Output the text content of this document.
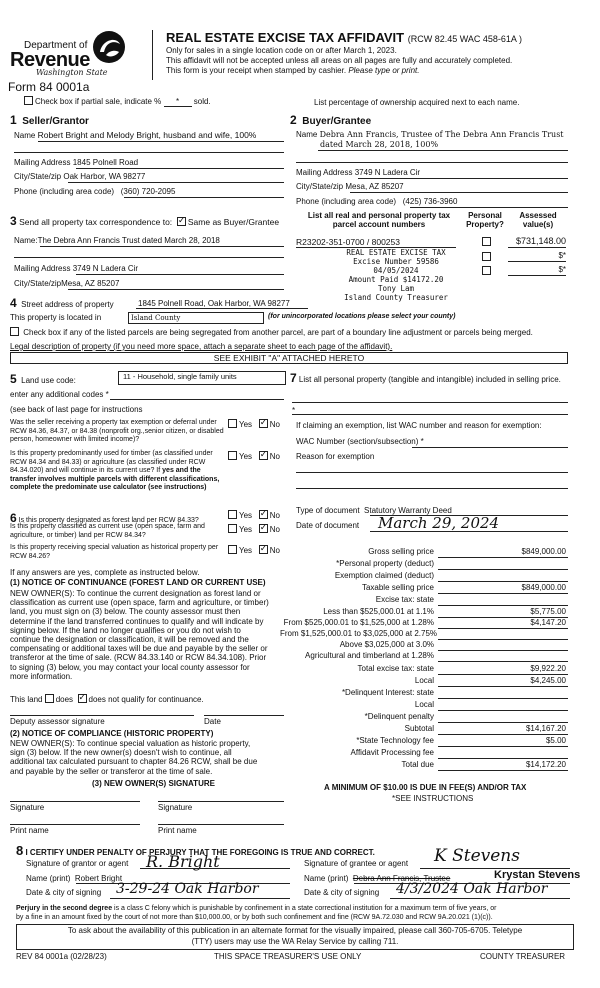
Department of
Revenue
Washington State
Form 84 0001a
REAL ESTATE EXCISE TAX AFFIDAVIT (RCW 82.45 WAC 458-61A )
Only for sales in a single location code on or after March 1, 2023.
This affidavit will not be accepted unless all areas on all pages are fully and accurately completed.
This form is your receipt when stamped by cashier. Please type or print.
Check box if partial sale, indicate % * sold.	List percentage of ownership acquired next to each name.
1 Seller/Grantor
Name Robert Bright and Melody Bright, husband and wife, 100%
Mailing Address 1845 Polnell Road
City/State/zip Oak Harbor, WA 98277
Phone (including area code) (360) 720-2095
2 Buyer/Grantee
Name Debra Ann Francis, Trustee of The Debra Ann Francis Trust
dated March 28, 2018, 100%
Mailing Address 3749 N Ladera Cir
City/State/zip Mesa, AZ 85207
Phone (including area code) (425) 736-3960
3 Send all property tax correspondence to: ✓ Same as Buyer/Grantee
Name:The Debra Ann Francis Trust dated March 28, 2018
Mailing Address 3749 N Ladera Cir
City/State/zipMesa, AZ 85207
List all real and personal property tax
parcel account numbers
Personal
Property?
Assessed
value(s)
R23202-351-0700 / 800253	$731,148.00
$*
$*
REAL ESTATE EXCISE TAX
Excise Number 59586
04/05/2024
Amount Paid $14172.20
Tony Lam
Island County Treasurer
4 Street address of property	1845 Polnell Road, Oak Harbor, WA 98277
This property is located in	Island County	(for unincorporated locations please select your county)
Check box if any of the listed parcels are being segregated from another parcel, are part of a boundary line adjustment or parcels being merged.
Legal description of property (if you need more space, attach a separate sheet to each page of the affidavit).
SEE EXHIBIT "A" ATTACHED HERETO
5 Land use code:	11 - Household, single family units
enter any additional codes *
(see back of last page for instructions
Was the seller receiving a property tax exemption or deferral under RCW 84.36, 84.37, or 84.38 (nonprofit org.,senior citizen, or disabled person, homeowner with limited income)?
Yes ✓ No
Is this property predominantly used for timber (as classified under RCW 84.34 and 84.33) or agriculture (as classified under RCW 84.34.020) and will continue in its current use? If yes and the transfer involves multiple parcels with different classifications, complete the predominate use calculator (see instructions)
Yes ✓ No
7 List all personal property (tangible and intangible) included in selling price.
*
If claiming an exemption, list WAC number and reason for exemption:
WAC Number (section/subsection) *
Reason for exemption
6 Is this property designated as forest land per RCW 84.33?
Yes ✓ No
Is this property classified as current use (open space, farm and agriculture, or timber) land per RCW 84.34?
Yes ✓ No
Is this property receiving special valuation as historical property per RCW 84.26?
Yes ✓ No
If any answers are yes, complete as instructed below.
(1) NOTICE OF CONTINUANCE (FOREST LAND OR CURRENT USE)
NEW OWNER(S): To continue the current designation as forest land or
classification as current use (open space, farm and agriculture, or timber)
land, you must sign on (3) below. The county assessor must then
determine if the land transferred continues to qualify and will indicate by
signing below. If the land no longer qualifies or you do not wish to
continue the designation or classification, it will be removed and the
compensating or additional taxes will be due and payable by the seller or
transferor at the time of sale. (RCW 84.33.140 or RCW 84.34.108). Prior
to signing (3) below, you may contact your local county assessor for
more information.
This land does ✓ does not qualify for continuance.
Deputy assessor signature	Date
(2) NOTICE OF COMPLIANCE (HISTORIC PROPERTY)
NEW OWNER(S): To continue special valuation as historic property,
sign (3) below. If the new owner(s) doesn't wish to continue, all
additional tax calculated pursuant to chapter 84.26 RCW, shall be due
and payable by the seller or transferor at the time of sale.
(3) NEW OWNER(S) SIGNATURE
Signature	Signature
Print name	Print name
Type of document Statutory Warranty Deed
Date of document March 29, 2024
Gross selling price	$849,000.00
*Personal property (deduct)
Exemption claimed (deduct)
Taxable selling price	$849,000.00
Excise tax: state
Less than $525,000.01 at 1.1%	$5,775.00
From $525,000.01 to $1,525,000 at 1.28%	$4,147.20
From $1,525,000.01 to $3,025,000 at 2.75%
Above $3,025,000 at 3.0%
Agricultural and timberland at 1.28%
Total excise tax: state	$9,922.20
Local	$4,245.00
*Delinquent Interest: state
Local
*Delinquent penalty
Subtotal	$14,167.20
*State Technology fee	$5.00
Affidavit Processing fee
Total due	$14,172.20
A MINIMUM OF $10.00 IS DUE IN FEE(S) AND/OR TAX
*SEE INSTRUCTIONS
8 I CERTIFY UNDER PENALTY OF PERJURY THAT THE FOREGOING IS TRUE AND CORRECT.
Signature of grantor or agent R. Bright
Name (print) Robert Bright
Date & city of signing 3-29-24 Oak Harbor
Signature of grantee or agent K Stevens
Name (print) Debra Ann Francis, Trustee	Krystan Stevens
Date & city of signing 4/3/2024 Oak Harbor
Perjury in the second degree is a class C felony which is punishable by confinement in a state correctional institution for a maximum term of five years, or
by a fine in an amount fixed by the court of not more than $10,000.00, or by both such confinement and fine (RCW 9A.72.030 and RCW 9A.20.021 (1)(c)).
To ask about the availability of this publication in an alternate format for the visually impaired, please call 360-705-6705. Teletype
(TTY) users may use the WA Relay Service by calling 711.
REV 84 0001a (02/28/23)	THIS SPACE TREASURER'S USE ONLY	COUNTY TREASURER
